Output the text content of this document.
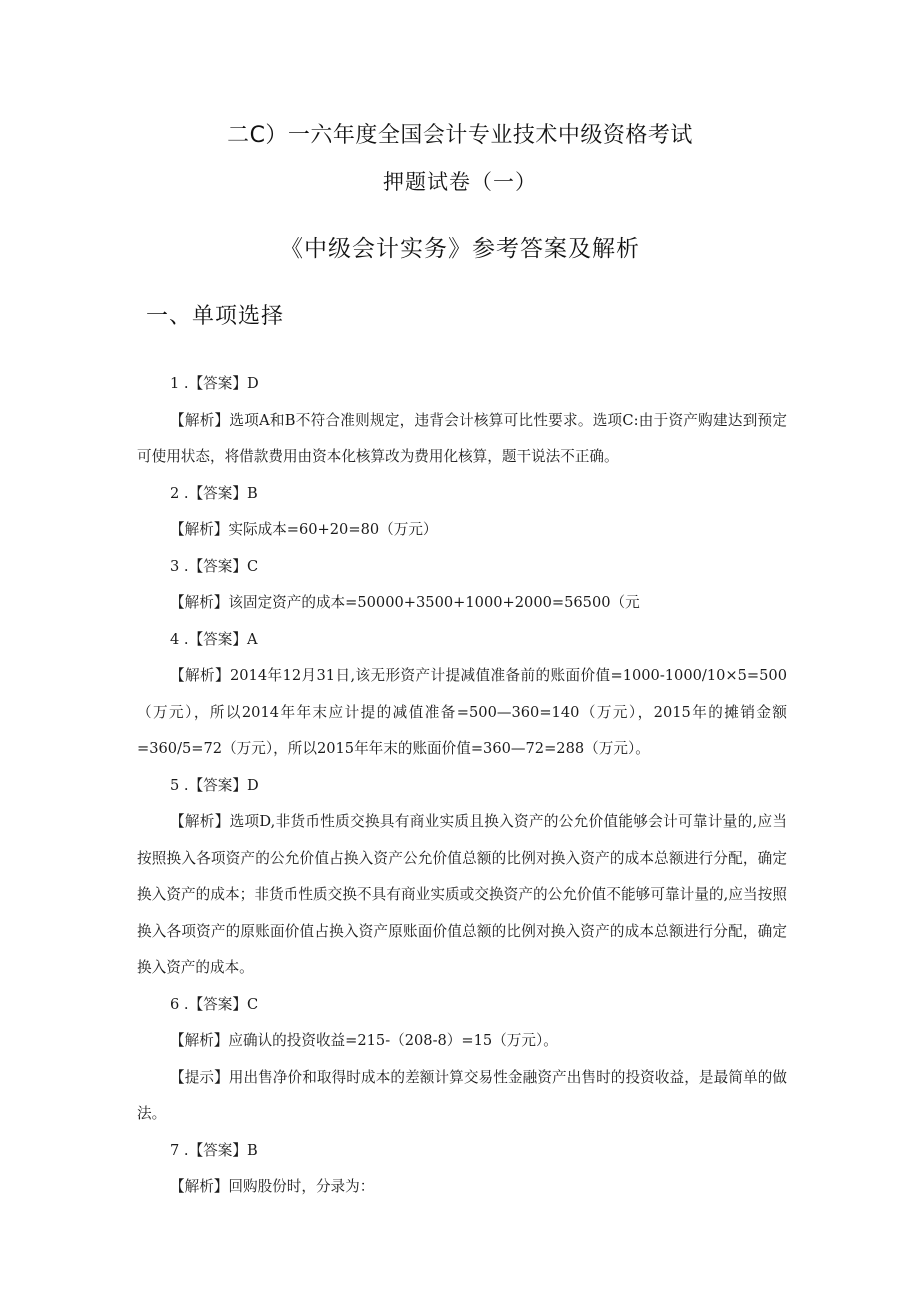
二C）一六年度全国会计专业技术中级资格考试
押题试卷（一）
《中级会计实务》参考答案及解析
一、单项选择
1 .【答案】D

【解析】选项A和B不符合准则规定，违背会计核算可比性要求。选项C:由于资产购建达到预定可使用状态，将借款费用由资本化核算改为费用化核算，题干说法不正确。

2 .【答案】B

【解析】实际成本=60+20=80（万元）

3 .【答案】C

【解析】该固定资产的成本=50000+3500+1000+2000=56500（元

4 .【答案】A

【解析】2014年12月31日,该无形资产计提减值准备前的账面价值=1000-1000/10×5=500（万元），所以2014年年末应计提的减值准备=500—360=140（万元），2015年的摊销金额=360/5=72（万元），所以2015年年末的账面价值=360—72=288（万元）。

5 .【答案】D

【解析】选项D,非货币性质交换具有商业实质且换入资产的公允价值能够会计可靠计量的,应当按照换入各项资产的公允价值占换入资产公允价值总额的比例对换入资产的成本总额进行分配，确定换入资产的成本；非货币性质交换不具有商业实质或交换资产的公允价值不能够可靠计量的,应当按照换入各项资产的原账面价值占换入资产原账面价值总额的比例对换入资产的成本总额进行分配，确定换入资产的成本。

6 .【答案】C

【解析】应确认的投资收益=215-（208-8）=15（万元）。

【提示】用出售净价和取得时成本的差额计算交易性金融资产出售时的投资收益，是最简单的做法。

7 .【答案】B

【解析】回购股份时，分录为：
